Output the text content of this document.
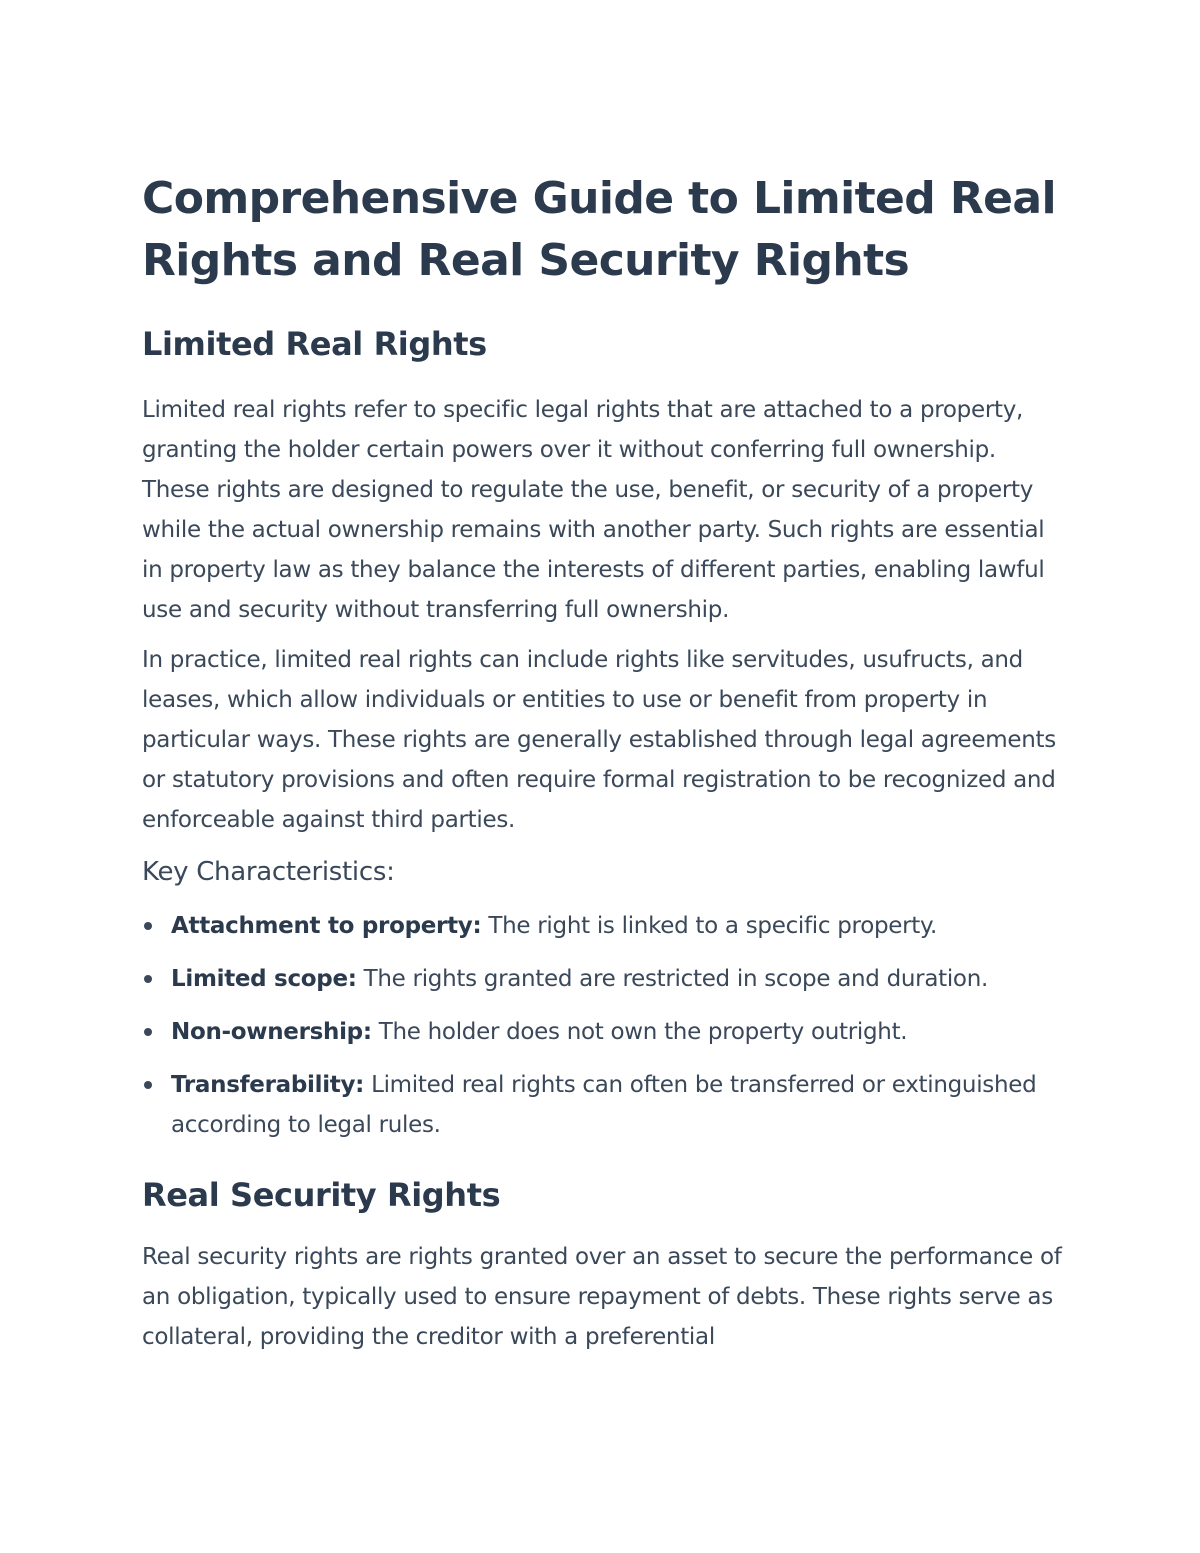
Comprehensive Guide to Limited Real Rights and Real Security Rights
Limited Real Rights

Limited real rights refer to specific legal rights that are attached to a property, granting the holder certain powers over it without conferring full ownership. These rights are designed to regulate the use, benefit, or security of a property while the actual ownership remains with another party. Such rights are essential in property law as they balance the interests of different parties, enabling lawful use and security without transferring full ownership.

In practice, limited real rights can include rights like servitudes, usufructs, and leases, which allow individuals or entities to use or benefit from property in particular ways. These rights are generally established through legal agreements or statutory provisions and often require formal registration to be recognized and enforceable against third parties.

Key Characteristics:
Attachment to property: The right is linked to a specific property.
Limited scope: The rights granted are restricted in scope and duration.
Non-ownership: The holder does not own the property outright.
Transferability: Limited real rights can often be transferred or extinguished according to legal rules.
Real Security Rights

Real security rights are rights granted over an asset to secure the performance of an obligation, typically used to ensure repayment of debts. These rights serve as collateral, providing the creditor with a preferential
